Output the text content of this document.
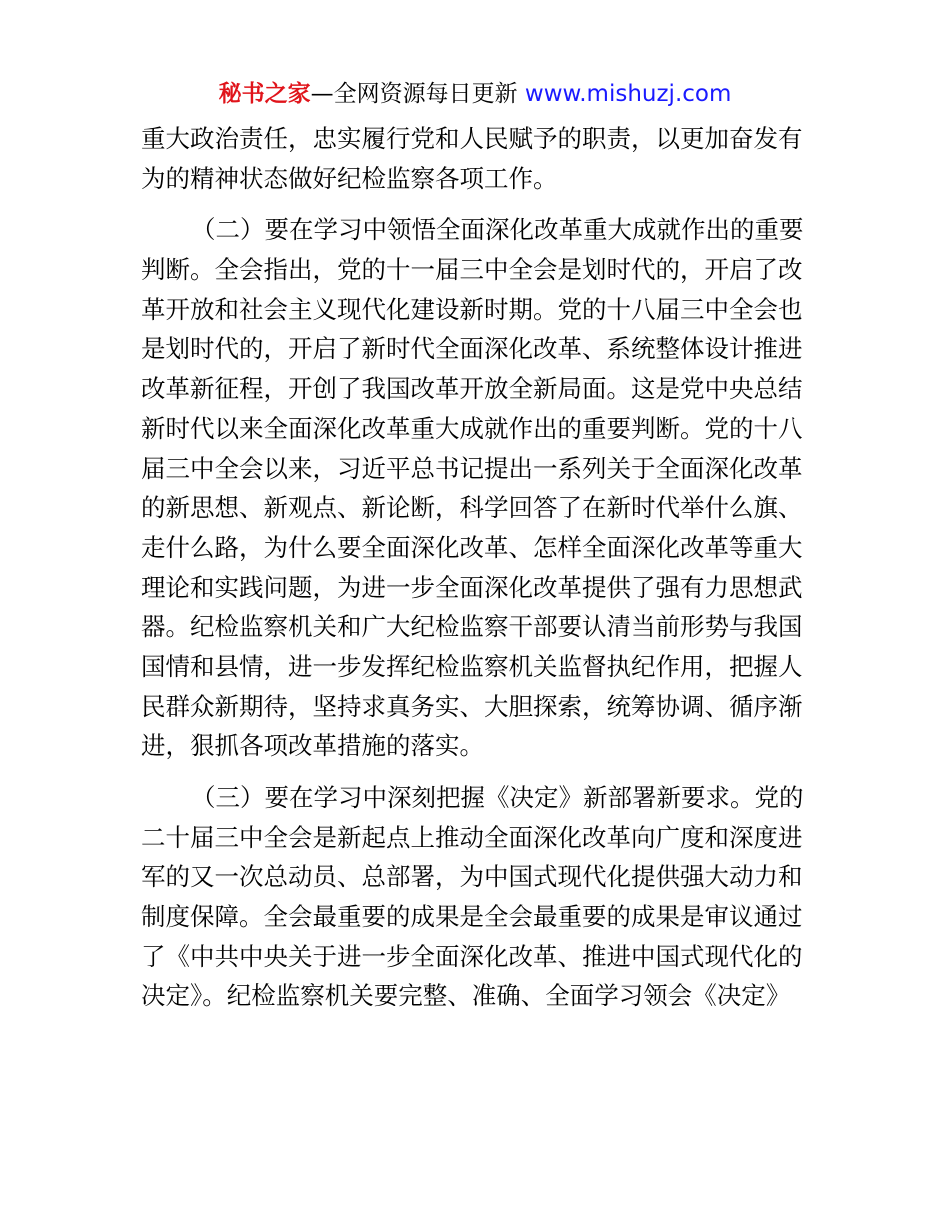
秘书之家—全网资源每日更新 www.mishuzj.com
重大政治责任，忠实履行党和人民赋予的职责，以更加奋发有
为的精神状态做好纪检监察各项工作。
（二）要在学习中领悟全面深化改革重大成就作出的重要
判断。全会指出，党的十一届三中全会是划时代的，开启了改
革开放和社会主义现代化建设新时期。党的十八届三中全会也
是划时代的，开启了新时代全面深化改革、系统整体设计推进
改革新征程，开创了我国改革开放全新局面。这是党中央总结
新时代以来全面深化改革重大成就作出的重要判断。党的十八
届三中全会以来，习近平总书记提出一系列关于全面深化改革
的新思想、新观点、新论断，科学回答了在新时代举什么旗、
走什么路，为什么要全面深化改革、怎样全面深化改革等重大
理论和实践问题，为进一步全面深化改革提供了强有力思想武
器。纪检监察机关和广大纪检监察干部要认清当前形势与我国
国情和县情，进一步发挥纪检监察机关监督执纪作用，把握人
民群众新期待，坚持求真务实、大胆探索，统筹协调、循序渐
进，狠抓各项改革措施的落实。
（三）要在学习中深刻把握《决定》新部署新要求。党的
二十届三中全会是新起点上推动全面深化改革向广度和深度进
军的又一次总动员、总部署，为中国式现代化提供强大动力和
制度保障。全会最重要的成果是全会最重要的成果是审议通过
了《中共中央关于进一步全面深化改革、推进中国式现代化的
决定》。纪检监察机关要完整、准确、全面学习领会《决定》
